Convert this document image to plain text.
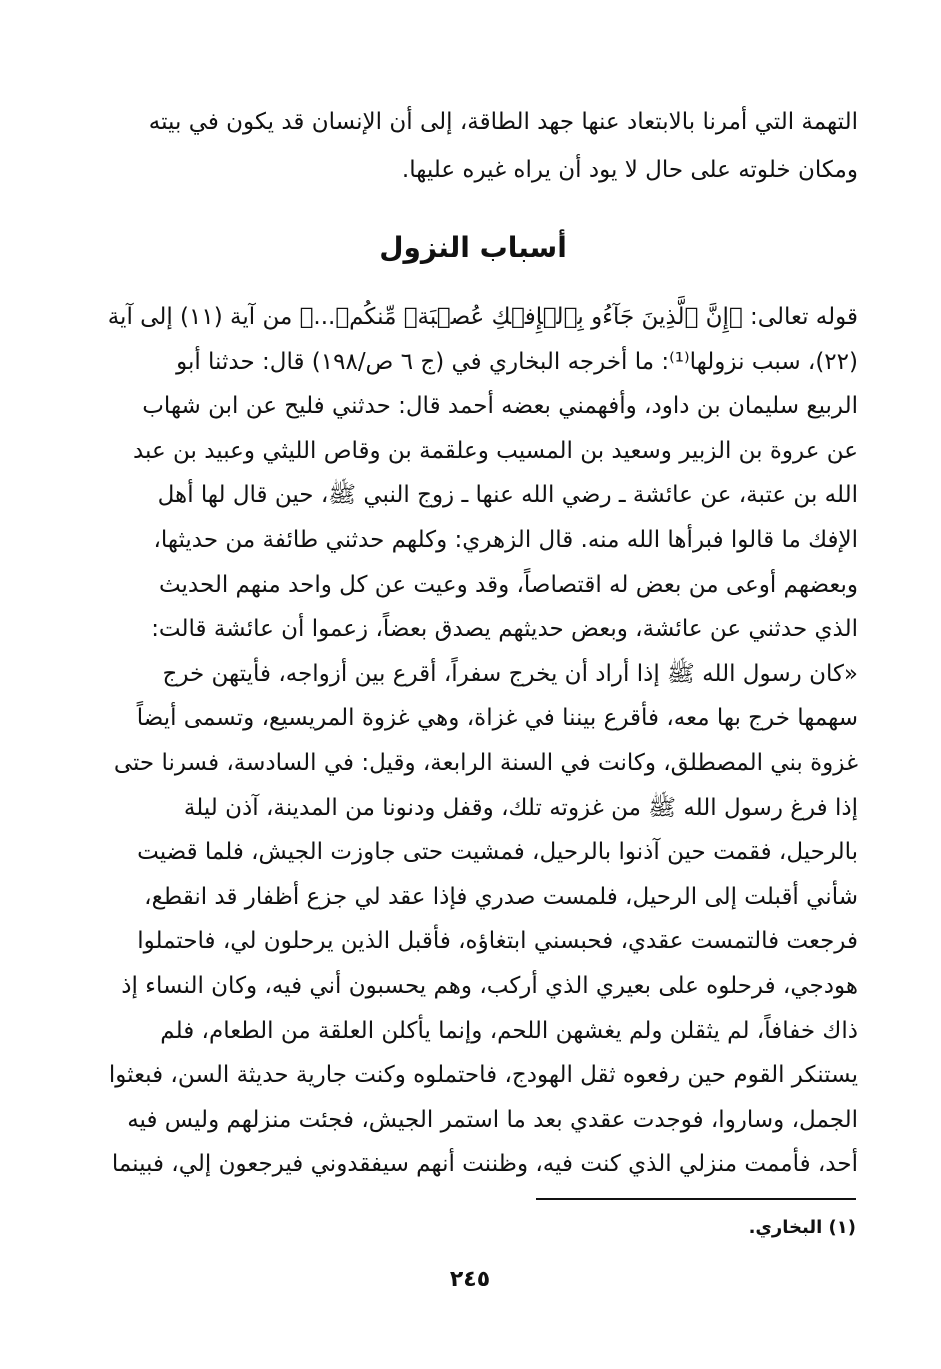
التهمة التي أمرنا بالابتعاد عنها جهد الطاقة، إلى أن الإنسان قد يكون في بيته
ومكان خلوته على حال لا يود أن يراه غيره عليها.
أسباب النزول
قوله تعالى: ﴿إِنَّ ٱلَّذِينَ جَآءُو بِٱلۡإِفۡكِ عُصۡبَةٞ مِّنكُمۡ...﴾ من آية (١١) إلى آية
(٢٢)، سبب نزولها⁽¹⁾: ما أخرجه البخاري في (ج ٦ ص/١٩٨) قال: حدثنا أبو
الربيع سليمان بن داود، وأفهمني بعضه أحمد قال: حدثني فليح عن ابن شهاب
عن عروة بن الزبير وسعيد بن المسيب وعلقمة بن وقاص الليثي وعبيد بن عبد
الله بن عتبة، عن عائشة ـ رضي الله عنها ـ زوج النبي ﷺ، حين قال لها أهل
الإفك ما قالوا فبرأها الله منه. قال الزهري: وكلهم حدثني طائفة من حديثها،
وبعضهم أوعى من بعض له اقتصاصاً، وقد وعيت عن كل واحد منهم الحديث
الذي حدثني عن عائشة، وبعض حديثهم يصدق بعضاً، زعموا أن عائشة قالت:
«كان رسول الله ﷺ إذا أراد أن يخرج سفراً، أقرع بين أزواجه، فأيتهن خرج
سهمها خرج بها معه، فأقرع بيننا في غزاة، وهي غزوة المريسيع، وتسمى أيضاً
غزوة بني المصطلق، وكانت في السنة الرابعة، وقيل: في السادسة، فسرنا حتى
إذا فرغ رسول الله ﷺ من غزوته تلك، وقفل ودنونا من المدينة، آذن ليلة
بالرحيل، فقمت حين آذنوا بالرحيل، فمشيت حتى جاوزت الجيش، فلما قضيت
شأني أقبلت إلى الرحيل، فلمست صدري فإذا عقد لي جزع أظفار قد انقطع،
فرجعت فالتمست عقدي، فحبسني ابتغاؤه، فأقبل الذين يرحلون لي، فاحتملوا
هودجي، فرحلوه على بعيري الذي أركب، وهم يحسبون أني فيه، وكان النساء إذ
ذاك خفافاً، لم يثقلن ولم يغشهن اللحم، وإنما يأكلن العلقة من الطعام، فلم
يستنكر القوم حين رفعوه ثقل الهودج، فاحتملوه وكنت جارية حديثة السن، فبعثوا
الجمل، وساروا، فوجدت عقدي بعد ما استمر الجيش، فجئت منزلهم وليس فيه
أحد، فأممت منزلي الذي كنت فيه، وظننت أنهم سيفقدوني فيرجعون إلي، فبينما
(١) البخاري.
٢٤٥
